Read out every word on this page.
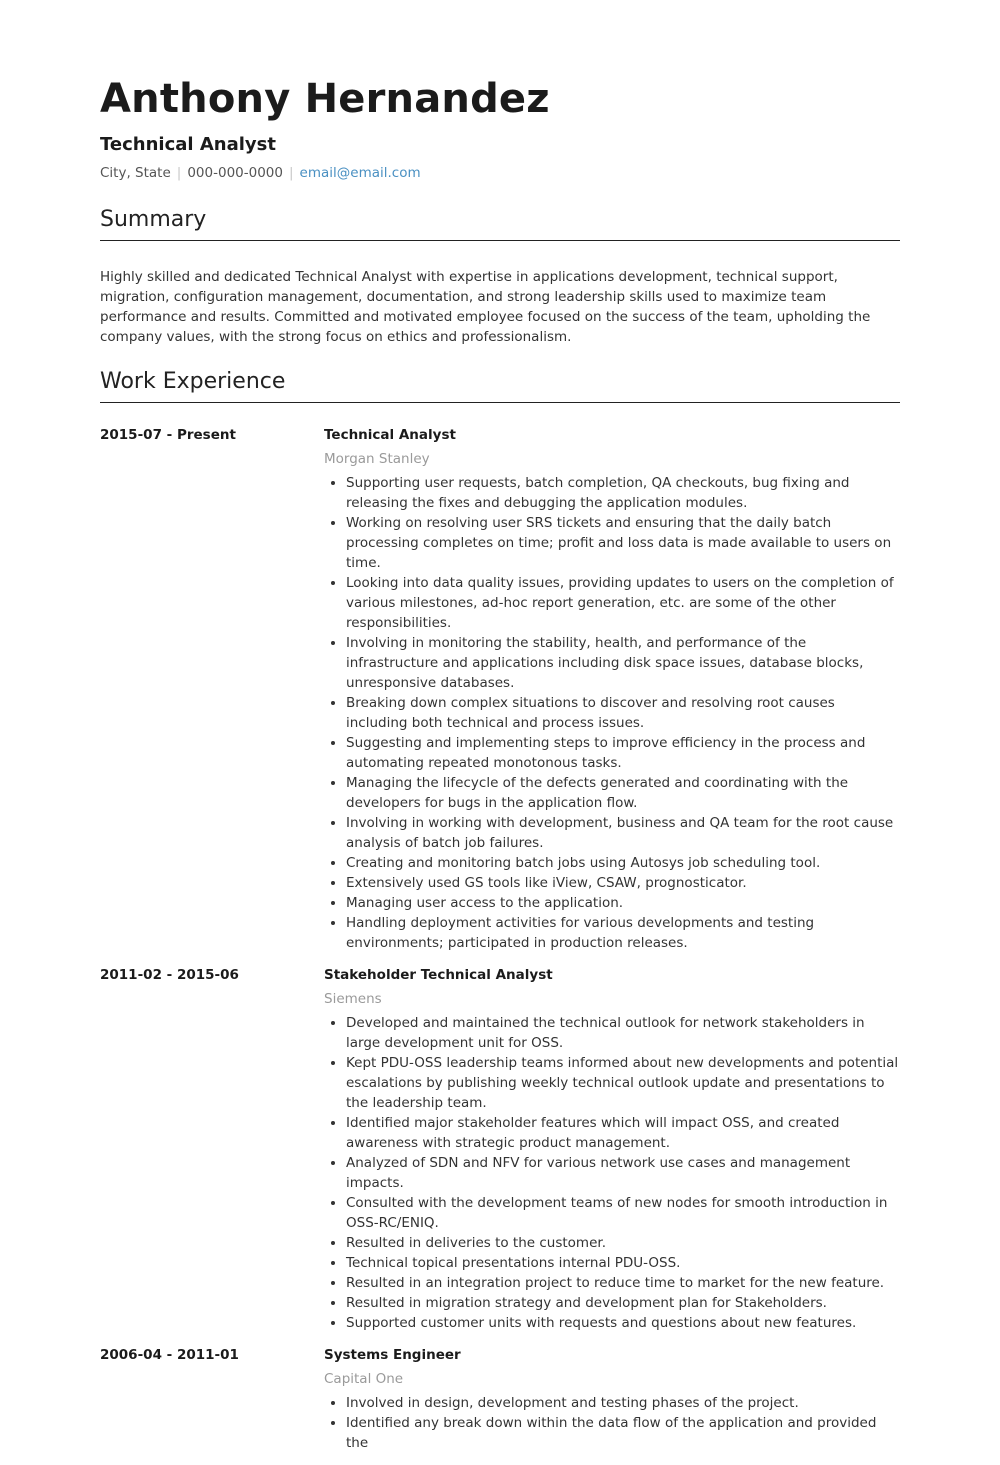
Anthony Hernandez
Technical Analyst
City, State | 000-000-0000 | email@email.com
Summary
Highly skilled and dedicated Technical Analyst with expertise in applications development, technical support, migration, configuration management, documentation, and strong leadership skills used to maximize team performance and results. Committed and motivated employee focused on the success of the team, upholding the company values, with the strong focus on ethics and professionalism.
Work Experience
2015-07 - Present	Technical Analyst
Morgan Stanley
• Supporting user requests, batch completion, QA checkouts, bug fixing and releasing the fixes and debugging the application modules.
• Working on resolving user SRS tickets and ensuring that the daily batch processing completes on time; profit and loss data is made available to users on time.
• Looking into data quality issues, providing updates to users on the completion of various milestones, ad-hoc report generation, etc. are some of the other responsibilities.
• Involving in monitoring the stability, health, and performance of the infrastructure and applications including disk space issues, database blocks, unresponsive databases.
• Breaking down complex situations to discover and resolving root causes including both technical and process issues.
• Suggesting and implementing steps to improve efficiency in the process and automating repeated monotonous tasks.
• Managing the lifecycle of the defects generated and coordinating with the developers for bugs in the application flow.
• Involving in working with development, business and QA team for the root cause analysis of batch job failures.
• Creating and monitoring batch jobs using Autosys job scheduling tool.
• Extensively used GS tools like iView, CSAW, prognosticator.
• Managing user access to the application.
• Handling deployment activities for various developments and testing environments; participated in production releases.
2011-02 - 2015-06	Stakeholder Technical Analyst
Siemens
• Developed and maintained the technical outlook for network stakeholders in large development unit for OSS.
• Kept PDU-OSS leadership teams informed about new developments and potential escalations by publishing weekly technical outlook update and presentations to the leadership team.
• Identified major stakeholder features which will impact OSS, and created awareness with strategic product management.
• Analyzed of SDN and NFV for various network use cases and management impacts.
• Consulted with the development teams of new nodes for smooth introduction in OSS-RC/ENIQ.
• Resulted in deliveries to the customer.
• Technical topical presentations internal PDU-OSS.
• Resulted in an integration project to reduce time to market for the new feature.
• Resulted in migration strategy and development plan for Stakeholders.
• Supported customer units with requests and questions about new features.
2006-04 - 2011-01	Systems Engineer
Capital One
• Involved in design, development and testing phases of the project.
• Identified any break down within the data flow of the application and provided the
